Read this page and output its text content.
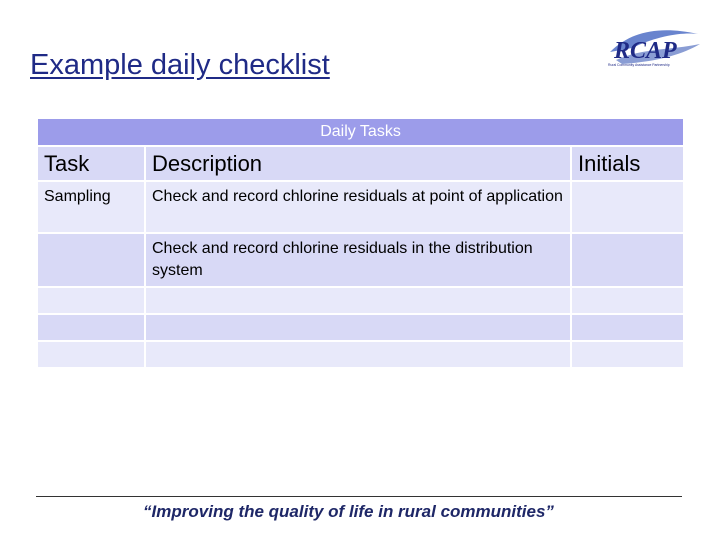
Example daily checklist	RCAP
Rural Community Assistance Partnership
Daily Tasks		
Task	Description	Initials
Sampling	Check and record chlorine residuals at point of application	
	Check and record chlorine residuals in the distribution system	

“Improving the quality of life in rural communities”
